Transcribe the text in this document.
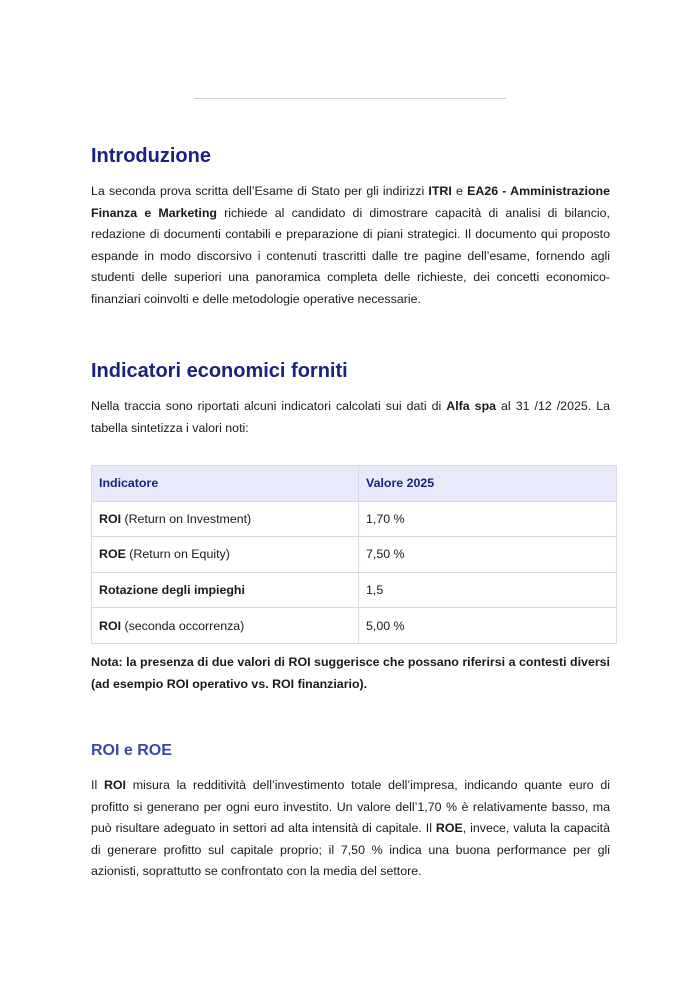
Introduzione

La seconda prova scritta dell’Esame di Stato per gli indirizzi ITRI e EA26 - Amministrazione Finanza e Marketing richiede al candidato di dimostrare capacità di analisi di bilancio, redazione di documenti contabili e preparazione di piani strategici. Il documento qui proposto espande in modo discorsivo i contenuti trascritti dalle tre pagine dell’esame, fornendo agli studenti delle superiori una panoramica completa delle richieste, dei concetti economico-finanziari coinvolti e delle metodologie operative necessarie.

Indicatori economici forniti

Nella traccia sono riportati alcuni indicatori calcolati sui dati di Alfa spa al 31 /12 /2025. La tabella sintetizza i valori noti:

Indicatore	Valore 2025
ROI (Return on Investment)	1,70 %
ROE (Return on Equity)	7,50 %
Rotazione degli impieghi	1,5
ROI (seconda occorrenza)	5,00 %

Nota: la presenza di due valori di ROI suggerisce che possano riferirsi a contesti diversi (ad esempio ROI operativo vs. ROI finanziario).

ROI e ROE

Il ROI misura la redditività dell’investimento totale dell’impresa, indicando quante euro di profitto si generano per ogni euro investito. Un valore dell’1,70 % è relativamente basso, ma può risultare adeguato in settori ad alta intensità di capitale. Il ROE, invece, valuta la capacità di generare profitto sul capitale proprio; il 7,50 % indica una buona performance per gli azionisti, soprattutto se confrontato con la media del settore.
